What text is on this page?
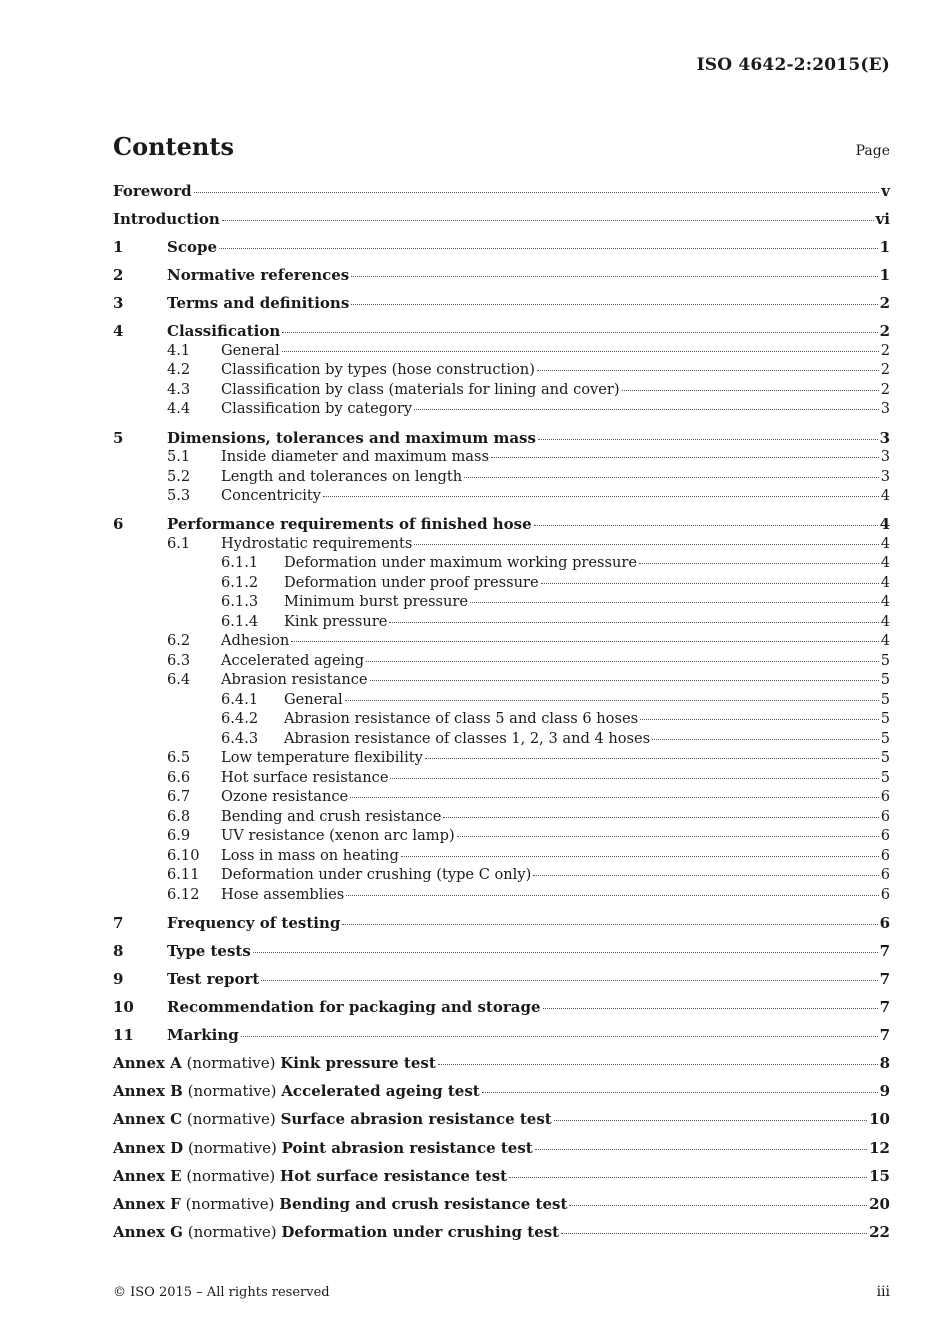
ISO 4642-2:2015(E)
Contents	Page
Foreword	v
Introduction	vi
1	Scope	1
2	Normative references	1
3	Terms and definitions	2
4	Classification	2
4.1	General	2
4.2	Classification by types (hose construction)	2
4.3	Classification by class (materials for lining and cover)	2
4.4	Classification by category	3
5	Dimensions, tolerances and maximum mass	3
5.1	Inside diameter and maximum mass	3
5.2	Length and tolerances on length	3
5.3	Concentricity	4
6	Performance requirements of finished hose	4
6.1	Hydrostatic requirements	4
6.1.1	Deformation under maximum working pressure	4
6.1.2	Deformation under proof pressure	4
6.1.3	Minimum burst pressure	4
6.1.4	Kink pressure	4
6.2	Adhesion	4
6.3	Accelerated ageing	5
6.4	Abrasion resistance	5
6.4.1	General	5
6.4.2	Abrasion resistance of class 5 and class 6 hoses	5
6.4.3	Abrasion resistance of classes 1, 2, 3 and 4 hoses	5
6.5	Low temperature flexibility	5
6.6	Hot surface resistance	5
6.7	Ozone resistance	6
6.8	Bending and crush resistance	6
6.9	UV resistance (xenon arc lamp)	6
6.10	Loss in mass on heating	6
6.11	Deformation under crushing (type C only)	6
6.12	Hose assemblies	6
7	Frequency of testing	6
8	Type tests	7
9	Test report	7
10	Recommendation for packaging and storage	7
11	Marking	7
Annex A (normative) Kink pressure test	8
Annex B (normative) Accelerated ageing test	9
Annex C (normative) Surface abrasion resistance test	10
Annex D (normative) Point abrasion resistance test	12
Annex E (normative) Hot surface resistance test	15
Annex F (normative) Bending and crush resistance test	20
Annex G (normative) Deformation under crushing test	22
© ISO 2015 – All rights reserved	iii
